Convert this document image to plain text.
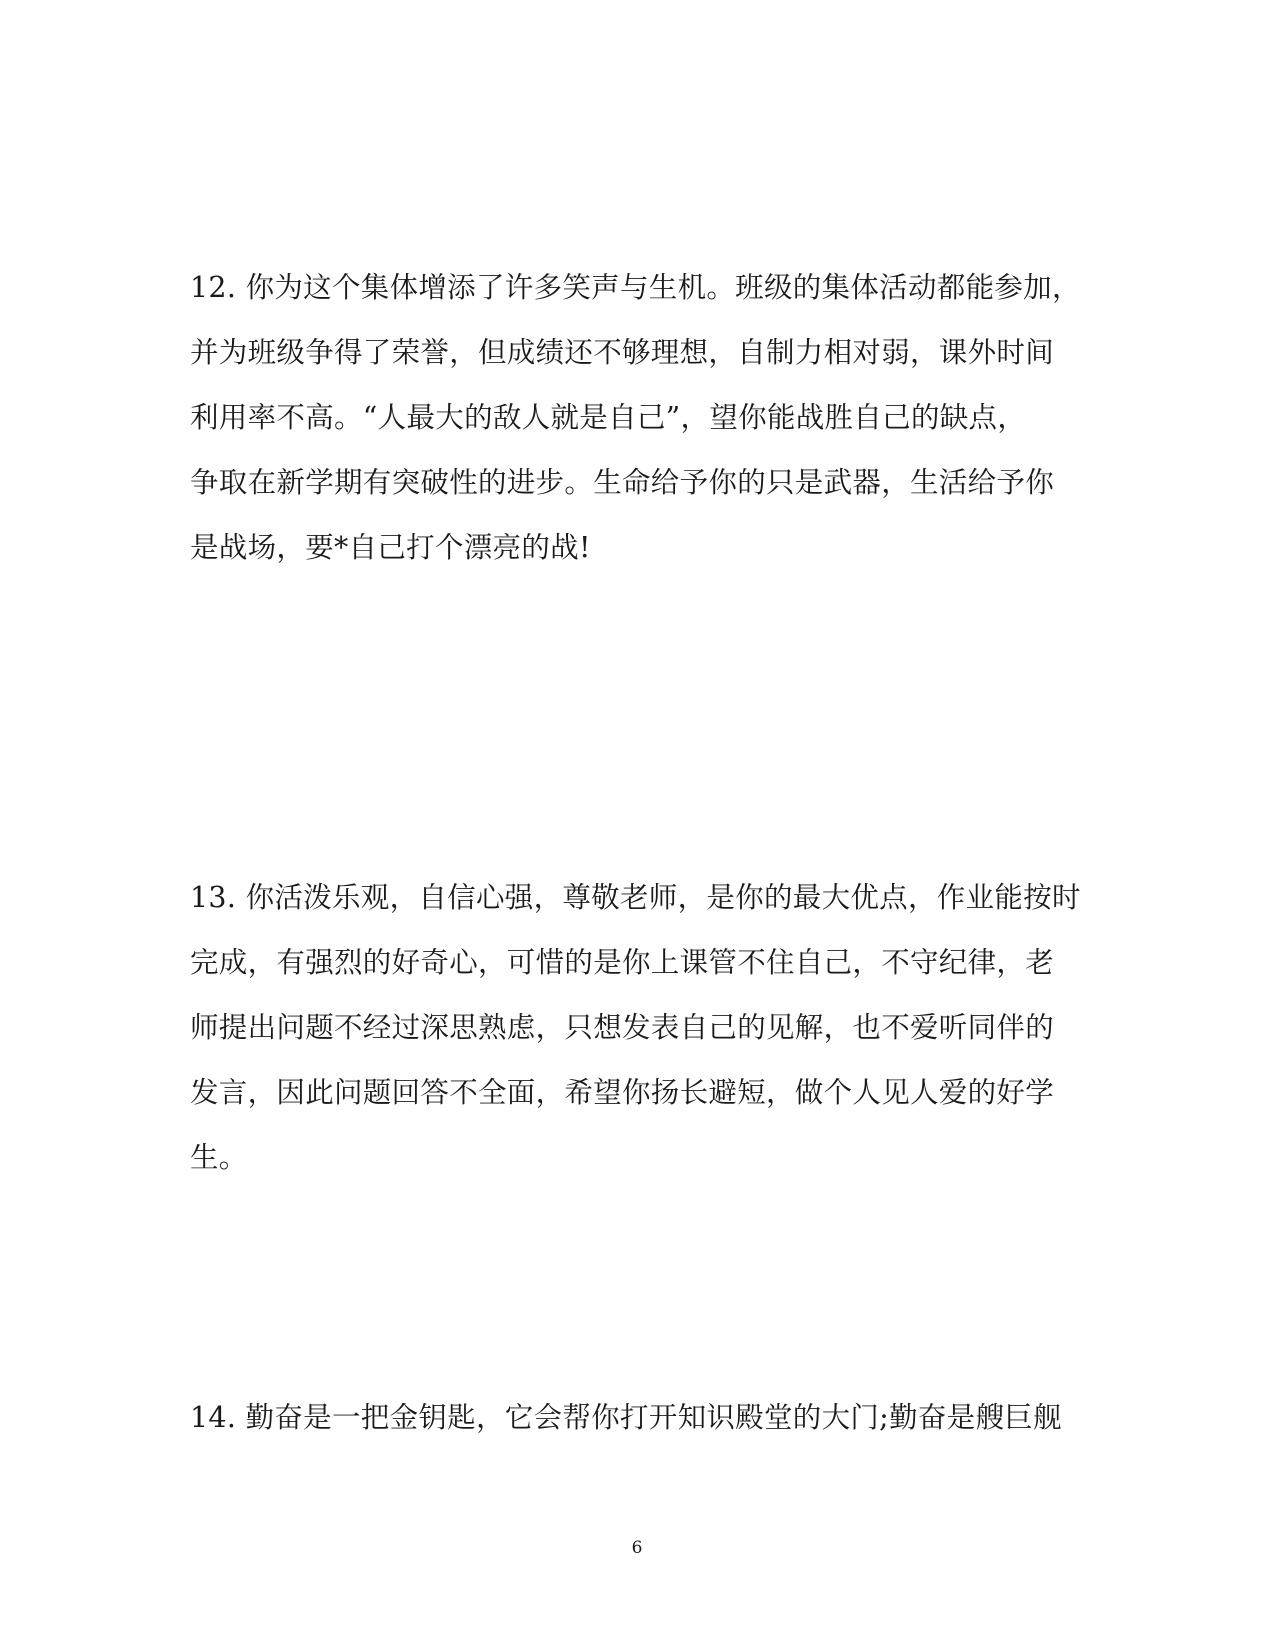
12. 你为这个集体增添了许多笑声与生机。班级的集体活动都能参加，
并为班级争得了荣誉，但成绩还不够理想，自制力相对弱，课外时间
利用率不高。“人最大的敌人就是自己”，望你能战胜自己的缺点，
争取在新学期有突破性的进步。生命给予你的只是武器，生活给予你
是战场，要*自己打个漂亮的战!

13. 你活泼乐观，自信心强，尊敬老师，是你的最大优点，作业能按时
完成，有强烈的好奇心，可惜的是你上课管不住自己，不守纪律，老
师提出问题不经过深思熟虑，只想发表自己的见解，也不爱听同伴的
发言，因此问题回答不全面，希望你扬长避短，做个人见人爱的好学
生。

14. 勤奋是一把金钥匙，它会帮你打开知识殿堂的大门;勤奋是艘巨舰

6
